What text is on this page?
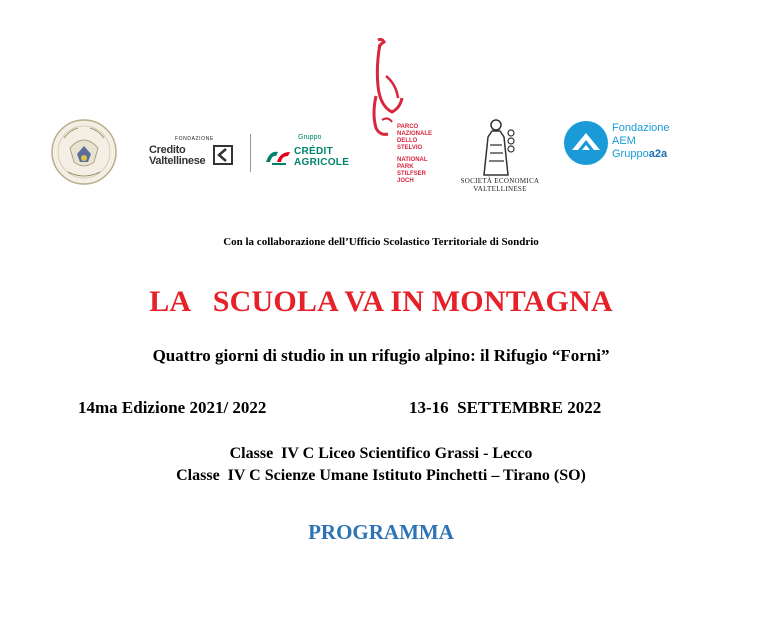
FONDAZIONE
Credito
Valtellinese
Gruppo
CRÉDIT
AGRICOLE
PARCO
NAZIONALE
DELLO
STELVIO
NATIONAL
PARK
STILFSER
JOCH	SOCIETÀ ECONOMICA
VALTELLINESE
Fondazione
AEM
Gruppoa2a
Con la collaborazione dell’Ufficio Scolastico Territoriale di Sondrio
LA   SCUOLA VA IN MONTAGNA
Quattro giorni di studio in un rifugio alpino: il Rifugio “Forni”
14ma Edizione 2021/ 2022	13-16  SETTEMBRE 2022
Classe  IV C Liceo Scientifico Grassi - Lecco
Classe  IV C Scienze Umane Istituto Pinchetti – Tirano (SO)
PROGRAMMA
